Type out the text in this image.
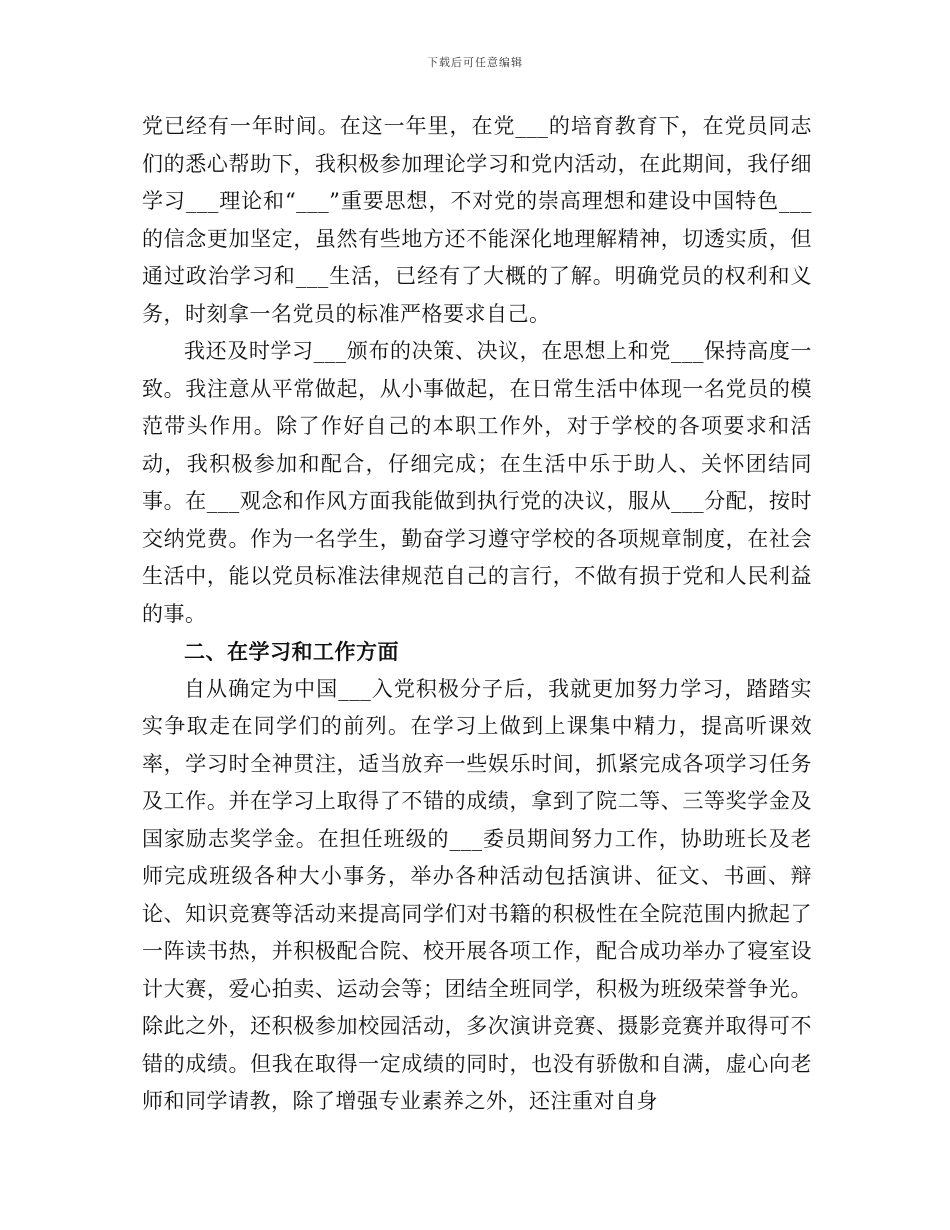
下载后可任意编辑

党已经有一年时间。在这一年里，在党___的培育教育下，在党员同志们的悉心帮助下，我积极参加理论学习和党内活动，在此期间，我仔细学习___理论和“___”重要思想，不对党的崇高理想和建设中国特色___的信念更加坚定，虽然有些地方还不能深化地理解精神，切透实质，但通过政治学习和___生活，已经有了大概的了解。明确党员的权利和义务，时刻拿一名党员的标准严格要求自己。

我还及时学习___颁布的决策、决议，在思想上和党___保持高度一致。我注意从平常做起，从小事做起，在日常生活中体现一名党员的模范带头作用。除了作好自己的本职工作外，对于学校的各项要求和活动，我积极参加和配合，仔细完成；在生活中乐于助人、关怀团结同事。在___观念和作风方面我能做到执行党的决议，服从___分配，按时交纳党费。作为一名学生，勤奋学习遵守学校的各项规章制度，在社会生活中，能以党员标准法律规范自己的言行，不做有损于党和人民利益的事。

二、在学习和工作方面

自从确定为中国___入党积极分子后，我就更加努力学习，踏踏实实争取走在同学们的前列。在学习上做到上课集中精力，提高听课效率，学习时全神贯注，适当放弃一些娱乐时间，抓紧完成各项学习任务及工作。并在学习上取得了不错的成绩，拿到了院二等、三等奖学金及国家励志奖学金。在担任班级的___委员期间努力工作，协助班长及老师完成班级各种大小事务，举办各种活动包括演讲、征文、书画、辩论、知识竞赛等活动来提高同学们对书籍的积极性在全院范围内掀起了一阵读书热，并积极配合院、校开展各项工作，配合成功举办了寝室设计大赛，爱心拍卖、运动会等；团结全班同学，积极为班级荣誉争光。除此之外，还积极参加校园活动，多次演讲竞赛、摄影竞赛并取得可不错的成绩。但我在取得一定成绩的同时，也没有骄傲和自满，虚心向老师和同学请教，除了增强专业素养之外，还注重对自身
